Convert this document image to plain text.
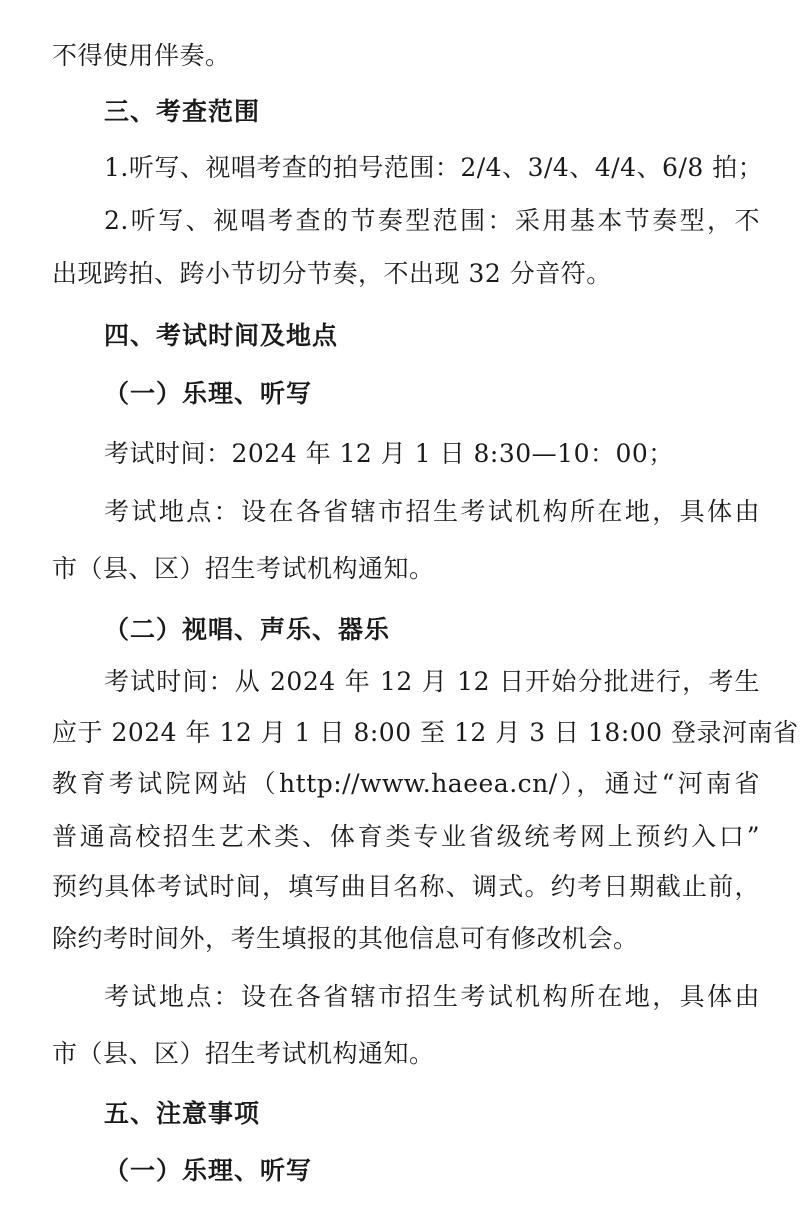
不得使用伴奏。
三、考查范围
1.听写、视唱考查的拍号范围：2/4、3/4、4/4、6/8 拍；
2.听写、视唱考查的节奏型范围：采用基本节奏型，不
出现跨拍、跨小节切分节奏，不出现 32 分音符。
四、考试时间及地点
（一）乐理、听写
考试时间：2024 年 12 月 1 日 8:30—10：00；
考试地点：设在各省辖市招生考试机构所在地，具体由
市（县、区）招生考试机构通知。
（二）视唱、声乐、器乐
考试时间：从 2024 年 12 月 12 日开始分批进行，考生
应于 2024 年 12 月 1 日 8:00 至 12 月 3 日 18:00 登录河南省
教育考试院网站（http://www.haeea.cn/），通过“河南省
普通高校招生艺术类、体育类专业省级统考网上预约入口”
预约具体考试时间，填写曲目名称、调式。约考日期截止前，
除约考时间外，考生填报的其他信息可有修改机会。
考试地点：设在各省辖市招生考试机构所在地，具体由
市（县、区）招生考试机构通知。
五、注意事项
（一）乐理、听写
